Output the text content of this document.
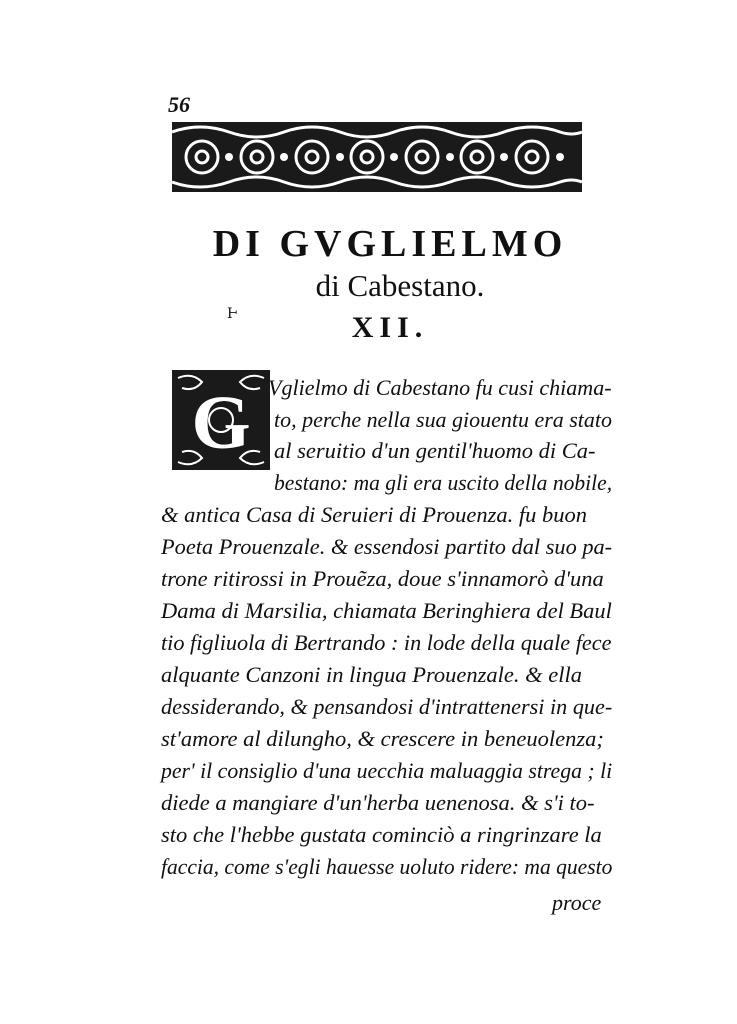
56
DI GVGLIELMO
di Cabestano.
Ͱ	XII.
G Vglielmo di Cabestano fu cusi chiama-
to, perche nella sua giouentu era stato
al seruitio d'un gentil'huomo di Ca-
bestano: ma gli era uscito della nobile,
& antica Casa di Seruieri di Prouenza. fu buon
Poeta Prouenzale. & essendosi partito dal suo pa-
trone ritirossi in Prouẽza, doue s'innamorò d'una
Dama di Marsilia, chiamata Beringhiera del Baul
tio figliuola di Bertrando : in lode della quale fece
alquante Canzoni in lingua Prouenzale. & ella
dessiderando, & pensandosi d'intrattenersi in que-
st'amore al dilungho, & crescere in beneuolenza;
per' il consiglio d'una uecchia maluaggia strega ; li
diede a mangiare d'un'herba uenenosa. & s'i to-
sto che l'hebbe gustata cominciò a ringrinzare la
faccia, come s'egli hauesse uoluto ridere: ma questo
proce
